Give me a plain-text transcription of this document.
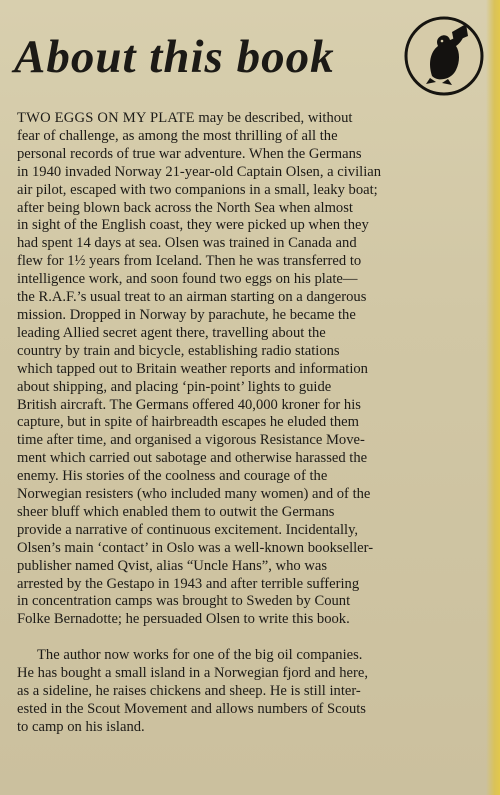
About this book

TWO EGGS ON MY PLATE may be described, without
fear of challenge, as among the most thrilling of all the
personal records of true war adventure. When the Germans
in 1940 invaded Norway 21-year-old Captain Olsen, a civilian
air pilot, escaped with two companions in a small, leaky boat;
after being blown back across the North Sea when almost
in sight of the English coast, they were picked up when they
had spent 14 days at sea. Olsen was trained in Canada and
flew for 1½ years from Iceland. Then he was transferred to
intelligence work, and soon found two eggs on his plate—
the R.A.F.’s usual treat to an airman starting on a dangerous
mission. Dropped in Norway by parachute, he became the
leading Allied secret agent there, travelling about the
country by train and bicycle, establishing radio stations
which tapped out to Britain weather reports and information
about shipping, and placing ‘pin-point’ lights to guide
British aircraft. The Germans offered 40,000 kroner for his
capture, but in spite of hairbreadth escapes he eluded them
time after time, and organised a vigorous Resistance Move-
ment which carried out sabotage and otherwise harassed the
enemy. His stories of the coolness and courage of the
Norwegian resisters (who included many women) and of the
sheer bluff which enabled them to outwit the Germans
provide a narrative of continuous excitement. Incidentally,
Olsen’s main ‘contact’ in Oslo was a well-known bookseller-
publisher named Qvist, alias “Uncle Hans”, who was
arrested by the Gestapo in 1943 and after terrible suffering
in concentration camps was brought to Sweden by Count
Folke Bernadotte; he persuaded Olsen to write this book.

The author now works for one of the big oil companies.
He has bought a small island in a Norwegian fjord and here,
as a sideline, he raises chickens and sheep. He is still inter-
ested in the Scout Movement and allows numbers of Scouts
to camp on his island.
